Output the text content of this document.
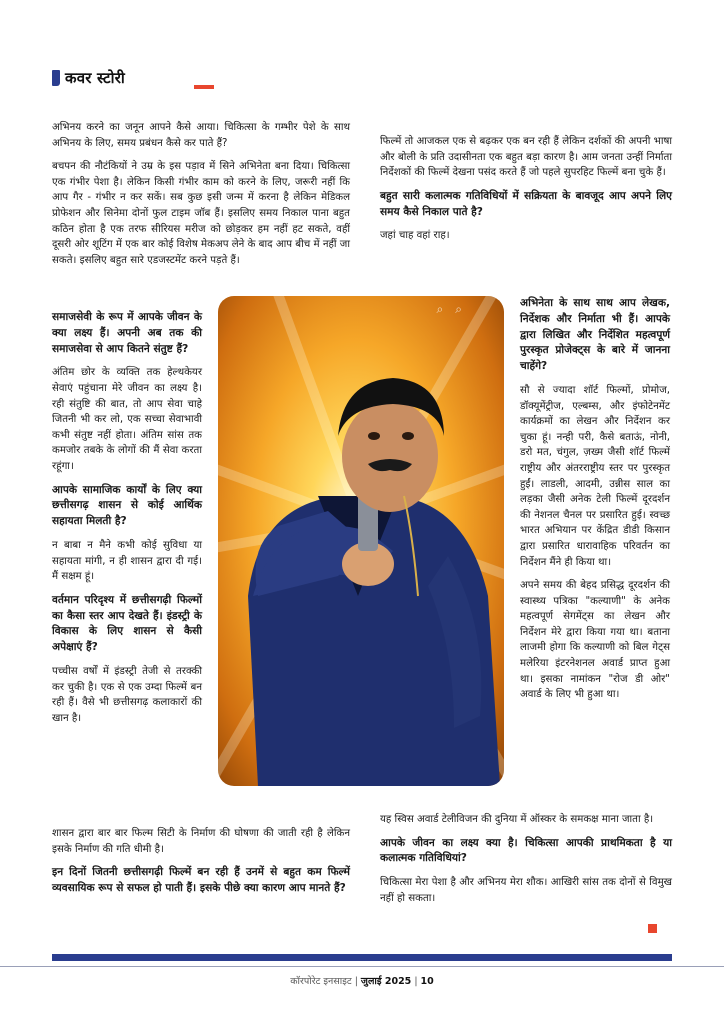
कवर स्टोरी

अभिनय करने का जनून आपने कैसे आया। चिकित्सा के गम्भीर पेशे के साथ अभिनय के लिए, समय प्रबंधन कैसे कर पाते हैं?

बचपन की नौटंकियों ने उम्र के इस पड़ाव में सिने अभिनेता बना दिया। चिकित्सा एक गंभीर पेशा है। लेकिन किसी गंभीर काम को करने के लिए, जरूरी नहीं कि आप गैर - गंभीर न कर सकें। सब कुछ इसी जन्म में करना है लेकिन मेडिकल प्रोफेशन और सिनेमा दोनों फुल टाइम जॉब हैं। इसलिए समय निकाल पाना बहुत कठिन होता है एक तरफ सीरियस मरीज को छोड़कर हम नहीं हट सकते, वहीं दूसरी ओर शूटिंग में एक बार कोई विशेष मेकअप लेने के बाद आप बीच में नहीं जा सकते। इसलिए बहुत सारे एडजस्टमेंट करने पड़ते हैं।

समाजसेवी के रूप में आपके जीवन के क्या लक्ष्य हैं। अपनी अब तक की समाजसेवा से आप कितने संतुष्ट हैं?

अंतिम छोर के व्यक्ति तक हेल्थकेयर सेवाएं पहुंचाना मेरे जीवन का लक्ष्य है। रही संतुष्टि की बात, तो आप सेवा चाहे जितनी भी कर लो, एक सच्चा सेवाभावी कभी संतुष्ट नहीं होता। अंतिम सांस तक कमजोर तबके के लोगों की मैं सेवा करता रहूंगा।

आपके सामाजिक कार्यों के लिए क्या छत्तीसगढ़ शासन से कोई आर्थिक सहायता मिलती है?

न बाबा न मैने कभी कोई सुविधा या सहायता मांगी, न ही शासन द्वारा दी गई। मैं सक्षम हूं।

वर्तमान परिदृश्य में छत्तीसगढ़ी फिल्मों का कैसा स्तर आप देखते हैं। इंडस्ट्री के विकास के लिए शासन से कैसी अपेक्षाएं हैं?

पच्चीस वर्षों में इंडस्ट्री तेजी से तरक्की कर चुकी है। एक से एक उम्दा फिल्में बन रही हैं। वैसे भी छत्तीसगढ़ कलाकारों की खान है।

शासन द्वारा बार बार फिल्म सिटी के निर्माण की घोषणा की जाती रही है लेकिन इसके निर्माण की गति धीमी है।

इन दिनों जितनी छत्तीसगढ़ी फिल्में बन रही हैं उनमें से बहुत कम फिल्में व्यवसायिक रूप से सफल हो पाती हैं। इसके पीछे क्या कारण आप मानते हैं?

फिल्में तो आजकल एक से बढ़कर एक बन रही हैं लेकिन दर्शकों की अपनी भाषा और बोली के प्रति उदासीनता एक बहुत बड़ा कारण है। आम जनता उन्हीं निर्माता निर्देशकों की फिल्में देखना पसंद करते हैं जो पहले सुपरहिट फिल्में बना चुके हैं।

बहुत सारी कलात्मक गतिविधियों में सक्रियता के बावजूद आप अपने लिए समय कैसे निकाल पाते है?

जहां चाह वहां राह।

अभिनेता के साथ साथ आप लेखक, निर्देशक और निर्माता भी हैं। आपके द्वारा लिखित और निर्देशित महत्वपूर्ण पुरस्कृत प्रोजेक्ट्स के बारे में जानना चाहेंगे?

सौ से ज्यादा शॉर्ट फिल्मों, प्रोमोज, डॉक्यूमेंट्रीज, एल्बम्स, और इंफोटेनमेंट कार्यक्रमों का लेखन और निर्देशन कर चुका हूं। नन्ही परी, कैसे बताऊं, नोनी, डरो मत, चंगुल, ज़ख्म जैसी शॉर्ट फिल्में राष्ट्रीय और अंतरराष्ट्रीय स्तर पर पुरस्कृत हुईं। लाडली, आदमी, उन्नीस साल का लड़का जैसी अनेक टेली फिल्में दूरदर्शन की नेशनल चैनल पर प्रसारित हुई। स्वच्छ भारत अभियान पर केंद्रित डीडी किसान द्वारा प्रसारित धारावाहिक परिवर्तन का निर्देशन मैंने ही किया था।

अपने समय की बेहद प्रसिद्ध दूरदर्शन की स्वास्थ्य पत्रिका "कल्याणी" के अनेक महत्वपूर्ण सेगमेंट्स का लेखन और निर्देशन मेरे द्वारा किया गया था। बताना लाजमी होगा कि कल्याणी को बिल गेट्स मलेरिया इंटरनेशनल अवार्ड प्राप्त हुआ था। इसका नामांकन "रोज डी ओर" अवार्ड के लिए भी हुआ था।

यह स्विस अवार्ड टेलीविजन की दुनिया में ऑस्कर के समकक्ष माना जाता है।

आपके जीवन का लक्ष्य क्या है। चिकित्सा आपकी प्राथमिकता है या कलात्मक गतिविधियां?

चिकित्सा मेरा पेशा है और अभिनय मेरा शौक। आखिरी सांस तक दोनों से विमुख नहीं हो सकता।

⌕⌕
कॉरपोरेट इनसाइट | जुलाई 2025 | 10
